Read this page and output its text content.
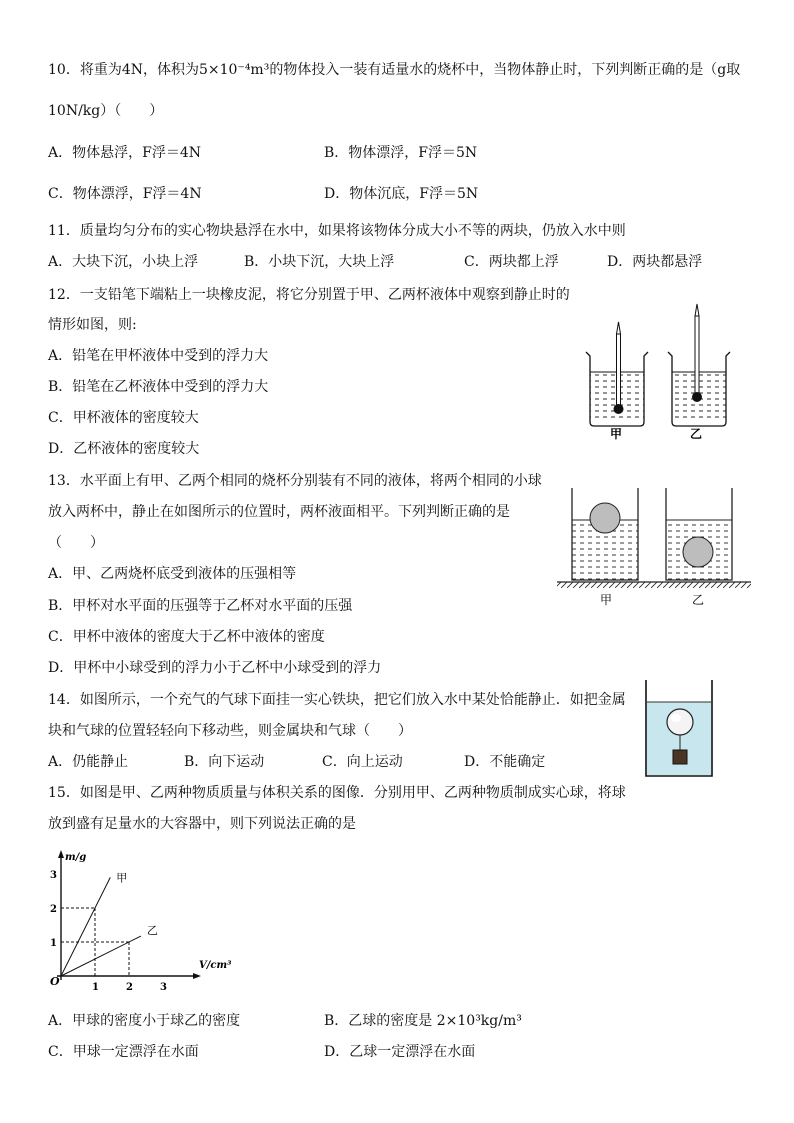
10．将重为4N，体积为5×10⁻⁴m³的物体投入一装有适量水的烧杯中，当物体静止时，下列判断正确的是（g取
10N/kg）（　　）
A．物体悬浮，F浮＝4N	B．物体漂浮，F浮＝5N
C．物体漂浮，F浮＝4N	D．物体沉底，F浮＝5N
11．质量均匀分布的实心物块悬浮在水中，如果将该物体分成大小不等的两块，仍放入水中则
A．大块下沉，小块上浮	B．小块下沉，大块上浮	C．两块都上浮	D．两块都悬浮
12．一支铅笔下端粘上一块橡皮泥，将它分别置于甲、乙两杯液体中观察到静止时的
情形如图，则:
A．铅笔在甲杯液体中受到的浮力大
B．铅笔在乙杯液体中受到的浮力大
C．甲杯液体的密度较大
D．乙杯液体的密度较大
甲	乙
13．水平面上有甲、乙两个相同的烧杯分别装有不同的液体，将两个相同的小球
放入两杯中，静止在如图所示的位置时，两杯液面相平。下列判断正确的是
（　　）
A．甲、乙两烧杯底受到液体的压强相等
B．甲杯对水平面的压强等于乙杯对水平面的压强
C．甲杯中液体的密度大于乙杯中液体的密度
D．甲杯中小球受到的浮力小于乙杯中小球受到的浮力
甲	乙
14．如图所示，一个充气的气球下面挂一实心铁块，把它们放入水中某处恰能静止．如把金属
块和气球的位置轻轻向下移动些，则金属块和气球（　　）
A．仍能静止	B．向下运动	C．向上运动	D．不能确定
15．如图是甲、乙两种物质质量与体积关系的图像．分别用甲、乙两种物质制成实心球，将球
放到盛有足量水的大容器中，则下列说法正确的是
m/g
V/cm³
O	1	2	3
1
2
3	甲
乙
A．甲球的密度小于球乙的密度	B．乙球的密度是 2×10³kg/m³
C．甲球一定漂浮在水面	D．乙球一定漂浮在水面
